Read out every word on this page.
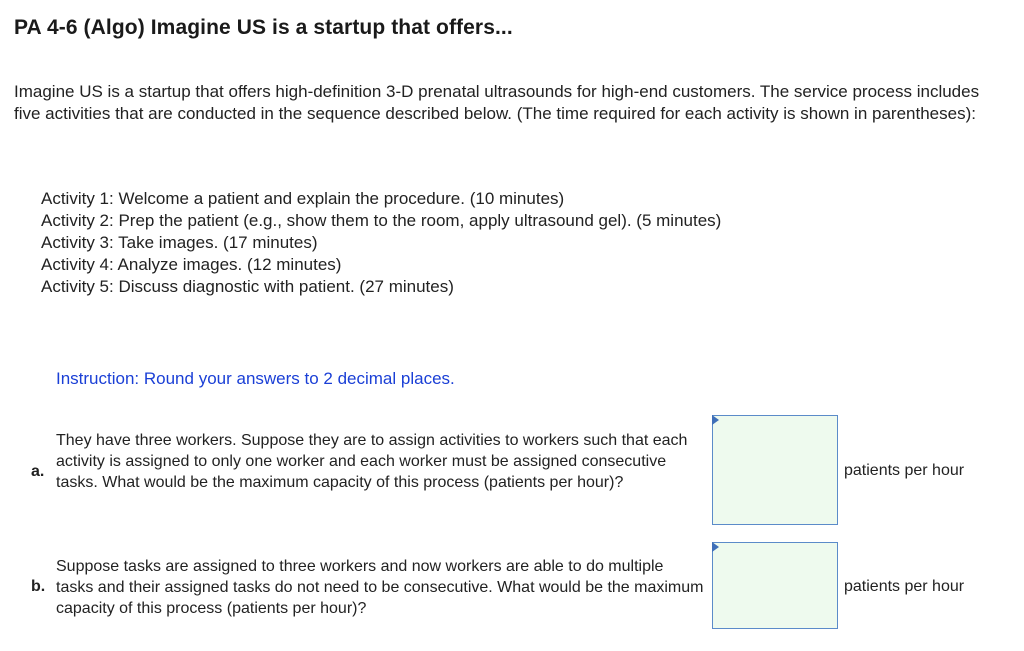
PA 4-6 (Algo) Imagine US is a startup that offers...

Imagine US is a startup that offers high-definition 3-D prenatal ultrasounds for high-end customers. The service process includes five activities that are conducted in the sequence described below. (The time required for each activity is shown in parentheses):

Activity 1: Welcome a patient and explain the procedure. (10 minutes)
Activity 2: Prep the patient (e.g., show them to the room, apply ultrasound gel). (5 minutes)
Activity 3: Take images. (17 minutes)
Activity 4: Analyze images. (12 minutes)
Activity 5: Discuss diagnostic with patient. (27 minutes)

Instruction: Round your answers to 2 decimal places.

a.

They have three workers. Suppose they are to assign activities to workers such that each activity is assigned to only one worker and each worker must be assigned consecutive tasks. What would be the maximum capacity of this process (patients per hour)?

patients per hour
b.

Suppose tasks are assigned to three workers and now workers are able to do multiple tasks and their assigned tasks do not need to be consecutive. What would be the maximum capacity of this process (patients per hour)?

patients per hour
